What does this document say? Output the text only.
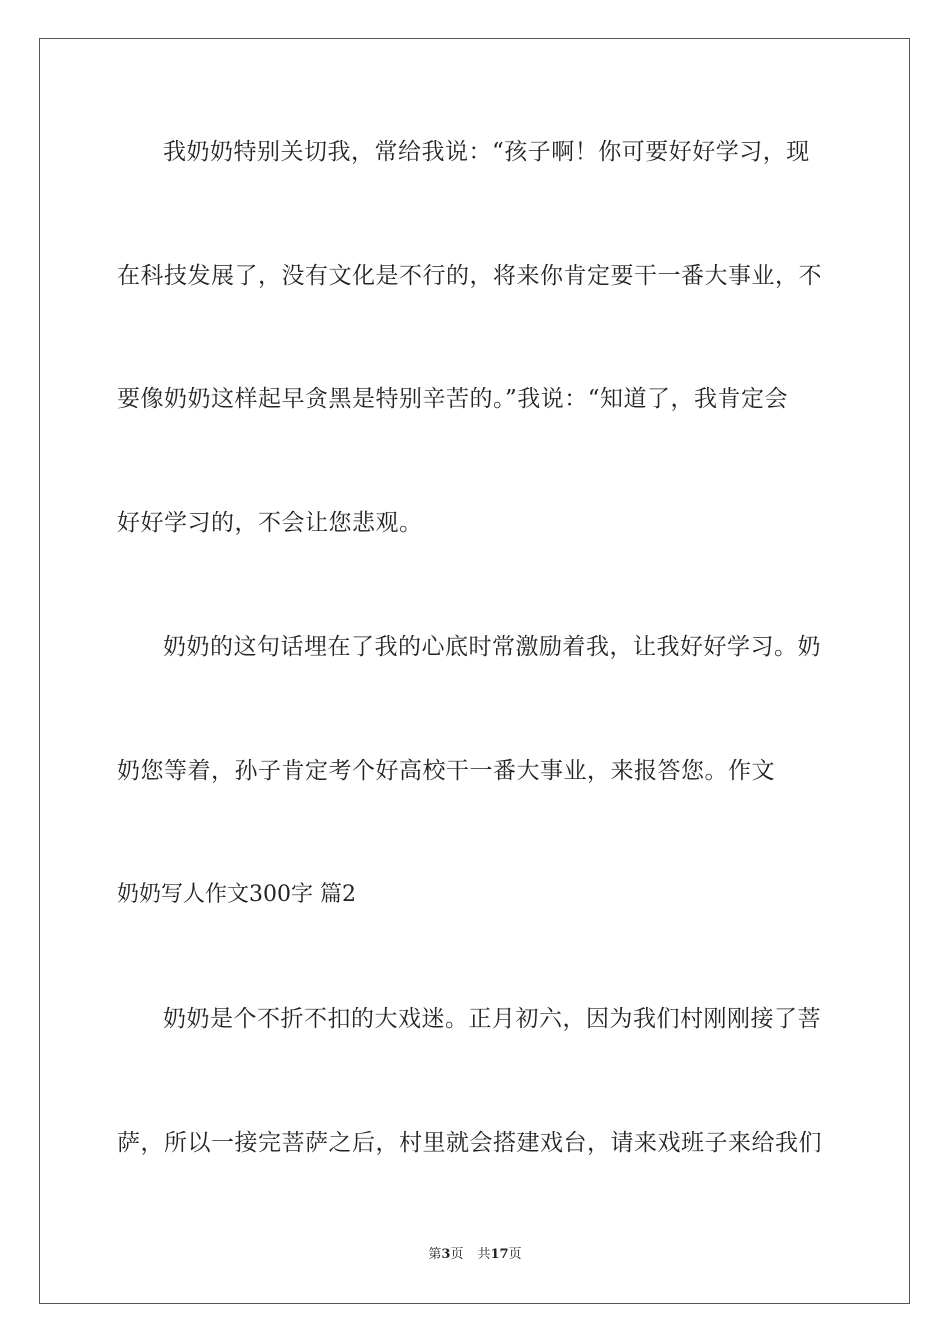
我奶奶特别关切我，常给我说：“孩子啊！你可要好好学习，现
在科技发展了，没有文化是不行的，将来你肯定要干一番大事业，不
要像奶奶这样起早贪黑是特别辛苦的。”我说：“知道了，我肯定会
好好学习的，不会让您悲观。
奶奶的这句话埋在了我的心底时常激励着我，让我好好学习。奶
奶您等着，孙子肯定考个好高校干一番大事业，来报答您。作文
奶奶写人作文300字 篇2
奶奶是个不折不扣的大戏迷。正月初六，因为我们村刚刚接了菩
萨，所以一接完菩萨之后，村里就会搭建戏台，请来戏班子来给我们
第3页 共17页
